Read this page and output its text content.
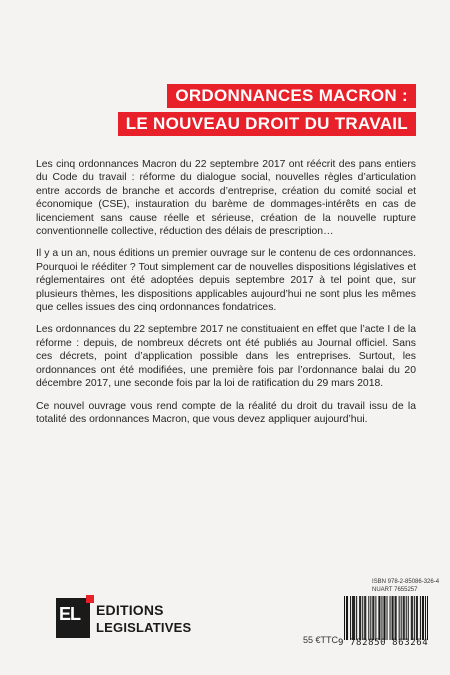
ORDONNANCES MACRON :
LE NOUVEAU DROIT DU TRAVAIL

Les cinq ordonnances Macron du 22 septembre 2017 ont réécrit des pans entiers du Code du travail : réforme du dialogue social, nouvelles règles d’articulation entre accords de branche et accords d’entreprise, création du comité social et économique (CSE), instauration du barème de dommages-intérêts en cas de licenciement sans cause réelle et sérieuse, création de la nouvelle rupture conventionnelle collective, réduction des délais de prescription…

Il y a un an, nous éditions un premier ouvrage sur le contenu de ces ordonnances. Pourquoi le rééditer ? Tout simplement car de nouvelles dispositions législatives et réglementaires ont été adoptées depuis septembre 2017 à tel point que, sur plusieurs thèmes, les dispositions applicables aujourd’hui ne sont plus les mêmes que celles issues des cinq ordonnances fondatrices.

Les ordonnances du 22 septembre 2017 ne constituaient en effet que l’acte I de la réforme : depuis, de nombreux décrets ont été publiés au Journal officiel. Sans ces décrets, point d’application possible dans les entreprises. Surtout, les ordonnances ont été modifiées, une première fois par l’ordonnance balai du 20 décembre 2017, une seconde fois par la loi de ratification du 29 mars 2018.

Ce nouvel ouvrage vous rend compte de la réalité du droit du travail issu de la totalité des ordonnances Macron, que vous devez appliquer aujourd’hui.

EL EDITIONS
LEGISLATIVES
ISBN 978-2-85086-326-4
NUART 7655257
55 €TTC 9 782850 863264
